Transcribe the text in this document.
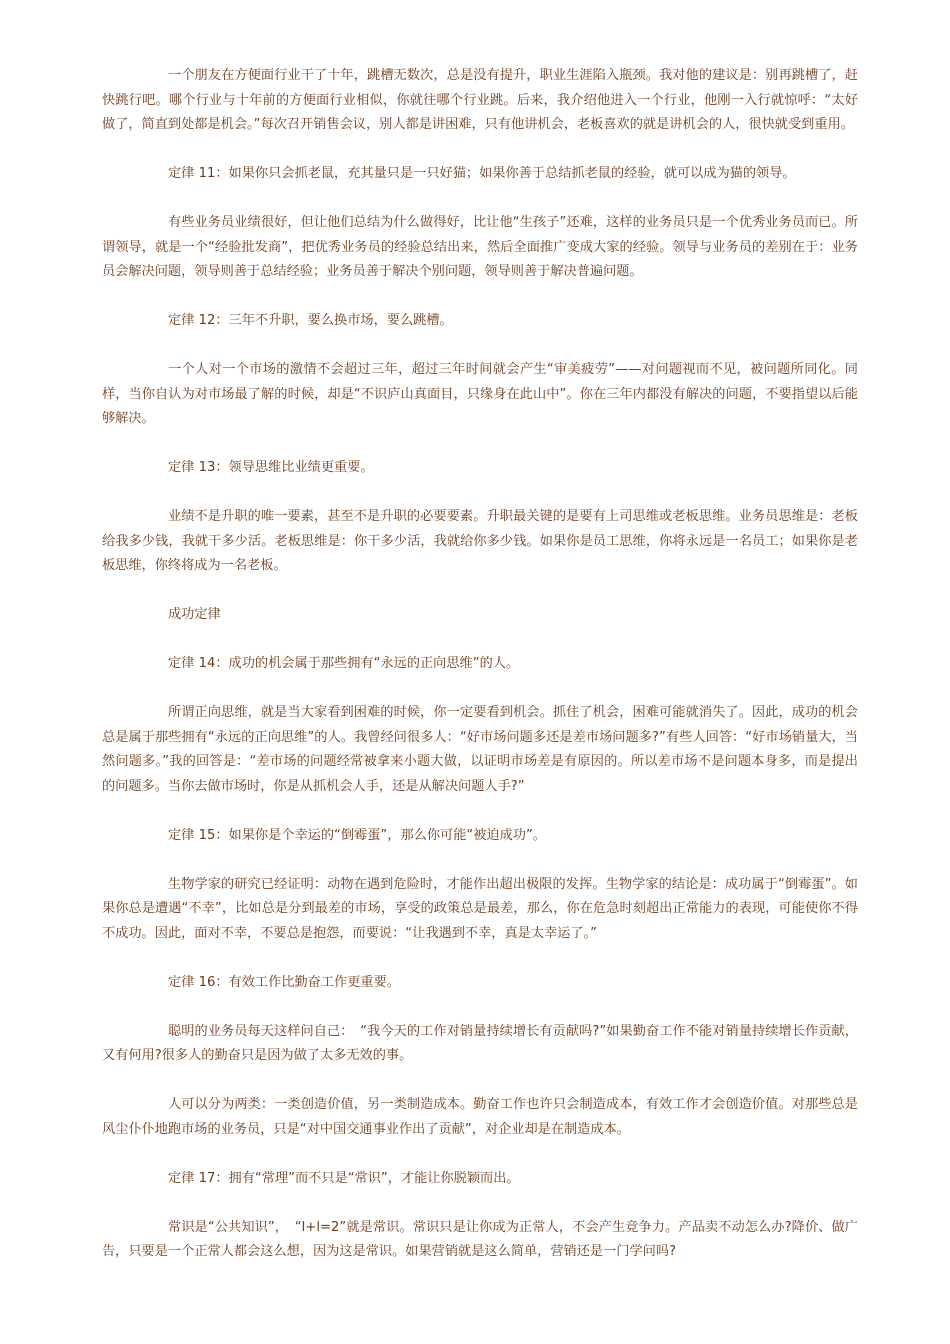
一个朋友在方便面行业干了十年，跳槽无数次，总是没有提升，职业生涯陷入瓶颈。我对他的建议是：别再跳槽了，赶快跳行吧。哪个行业与十年前的方便面行业相似，你就往哪个行业跳。后来，我介绍他进入一个行业，他刚一入行就惊呼：“太好做了，简直到处都是机会。”每次召开销售会议，别人都是讲困难，只有他讲机会，老板喜欢的就是讲机会的人，很快就受到重用。

定律 11：如果你只会抓老鼠，充其量只是一只好猫；如果你善于总结抓老鼠的经验，就可以成为猫的领导。

有些业务员业绩很好，但让他们总结为什么做得好，比让他“生孩子”还难，这样的业务员只是一个优秀业务员而已。所谓领导，就是一个“经验批发商”，把优秀业务员的经验总结出来，然后全面推广变成大家的经验。领导与业务员的差别在于：业务员会解决问题，领导则善于总结经验；业务员善于解决个别问题，领导则善于解决普遍问题。

定律 12：三年不升职，要么换市场，要么跳槽。

一个人对一个市场的激情不会超过三年，超过三年时间就会产生“审美疲劳”——对问题视而不见，被问题所同化。同样，当你自认为对市场最了解的时候，却是“不识庐山真面目，只缘身在此山中”。你在三年内都没有解决的问题，不要指望以后能够解决。

定律 13：领导思维比业绩更重要。

业绩不是升职的唯一要素，甚至不是升职的必要要素。升职最关键的是要有上司思维或老板思维。业务员思维是：老板给我多少钱，我就干多少活。老板思维是：你干多少活，我就给你多少钱。如果你是员工思维，你将永远是一名员工；如果你是老板思维，你终将成为一名老板。

成功定律

定律 14：成功的机会属于那些拥有“永远的正向思维”的人。

所谓正向思维，就是当大家看到困难的时候，你一定要看到机会。抓住了机会，困难可能就消失了。因此，成功的机会总是属于那些拥有“永远的正向思维”的人。我曾经问很多人：“好市场问题多还是差市场问题多?”有些人回答：“好市场销量大，当然问题多。”我的回答是：“差市场的问题经常被拿来小题大做，以证明市场差是有原因的。所以差市场不是问题本身多，而是提出的问题多。当你去做市场时，你是从抓机会人手，还是从解决问题人手?”

定律 15：如果你是个幸运的“倒霉蛋”，那么你可能“被迫成功”。

生物学家的研究已经证明：动物在遇到危险时，才能作出超出极限的发挥。生物学家的结论是：成功属于“倒霉蛋”。如果你总是遭遇“不幸”，比如总是分到最差的市场，享受的政策总是最差，那么，你在危急时刻超出正常能力的表现，可能使你不得不成功。因此，面对不幸，不要总是抱怨，而要说：“让我遇到不幸，真是太幸运了。”

定律 16：有效工作比勤奋工作更重要。

聪明的业务员每天这样问自己：　“我今天的工作对销量持续增长有贡献吗?”如果勤奋工作不能对销量持续增长作贡献，又有何用?很多人的勤奋只是因为做了太多无效的事。

人可以分为两类：一类创造价值，另一类制造成本。勤奋工作也许只会制造成本，有效工作才会创造价值。对那些总是风尘仆仆地跑市场的业务员，只是“对中国交通事业作出了贡献”，对企业却是在制造成本。

定律 17：拥有“常理”而不只是“常识”，才能让你脱颖而出。

常识是“公共知识”，　“l+l=2”就是常识。常识只是让你成为正常人，不会产生竞争力。产品卖不动怎么办?降价、做广告，只要是一个正常人都会这么想，因为这是常识。如果营销就是这么简单，营销还是一门学问吗?
